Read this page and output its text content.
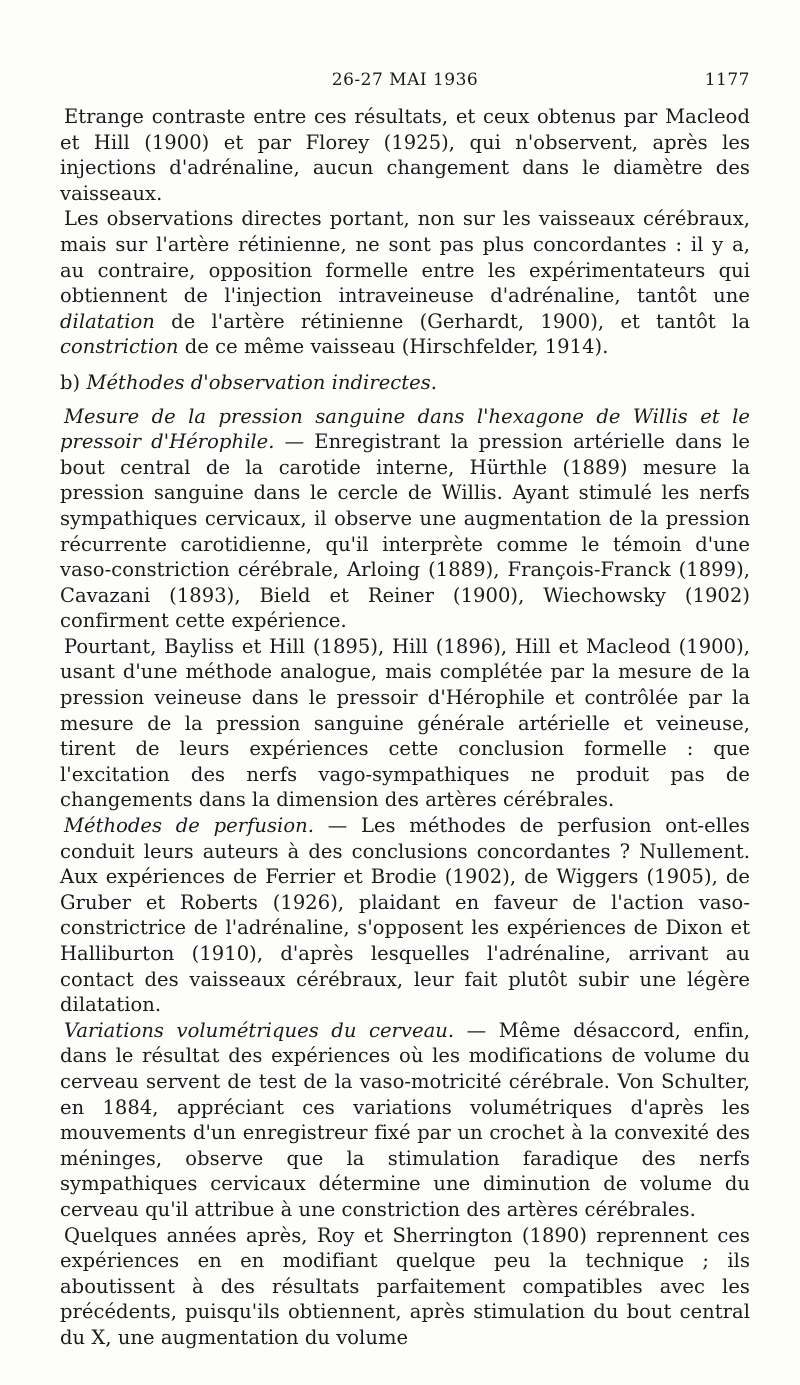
26-27 MAI 1936	1177

Etrange contraste entre ces résultats, et ceux obtenus par Macleod et Hill (1900) et par Florey (1925), qui n'observent, après les injections d'adrénaline, aucun changement dans le diamètre des vaisseaux.

Les observations directes portant, non sur les vaisseaux cérébraux, mais sur l'artère rétinienne, ne sont pas plus concordantes : il y a, au contraire, opposition formelle entre les expérimentateurs qui obtiennent de l'injection intraveineuse d'adrénaline, tantôt une dilatation de l'artère rétinienne (Gerhardt, 1900), et tantôt la constriction de ce même vaisseau (Hirschfelder, 1914).

b) Méthodes d'observation indirectes.

Mesure de la pression sanguine dans l'hexagone de Willis et le pressoir d'Hérophile. — Enregistrant la pression artérielle dans le bout central de la carotide interne, Hürthle (1889) mesure la pression sanguine dans le cercle de Willis. Ayant stimulé les nerfs sympathiques cervicaux, il observe une augmentation de la pression récurrente carotidienne, qu'il interprète comme le témoin d'une vaso-constriction cérébrale, Arloing (1889), François-Franck (1899), Cavazani (1893), Bield et Reiner (1900), Wiechowsky (1902) confirment cette expérience.

Pourtant, Bayliss et Hill (1895), Hill (1896), Hill et Macleod (1900), usant d'une méthode analogue, mais complétée par la mesure de la pression veineuse dans le pressoir d'Hérophile et contrôlée par la mesure de la pression sanguine générale artérielle et veineuse, tirent de leurs expériences cette conclusion formelle : que l'excitation des nerfs vago-sympathiques ne produit pas de changements dans la dimension des artères cérébrales.

Méthodes de perfusion. — Les méthodes de perfusion ont-elles conduit leurs auteurs à des conclusions concordantes ? Nullement. Aux expériences de Ferrier et Brodie (1902), de Wiggers (1905), de Gruber et Roberts (1926), plaidant en faveur de l'action vaso-constrictrice de l'adrénaline, s'opposent les expériences de Dixon et Halliburton (1910), d'après lesquelles l'adrénaline, arrivant au contact des vaisseaux cérébraux, leur fait plutôt subir une légère dilatation.

Variations volumétriques du cerveau. — Même désaccord, enfin, dans le résultat des expériences où les modifications de volume du cerveau servent de test de la vaso-motricité cérébrale. Von Schulter, en 1884, appréciant ces variations volumétriques d'après les mouvements d'un enregistreur fixé par un crochet à la convexité des méninges, observe que la stimulation faradique des nerfs sympathiques cervicaux détermine une diminution de volume du cerveau qu'il attribue à une constriction des artères cérébrales.

Quelques années après, Roy et Sherrington (1890) reprennent ces expériences en en modifiant quelque peu la technique ; ils aboutissent à des résultats parfaitement compatibles avec les précédents, puisqu'ils obtiennent, après stimulation du bout central du X, une augmentation du volume
